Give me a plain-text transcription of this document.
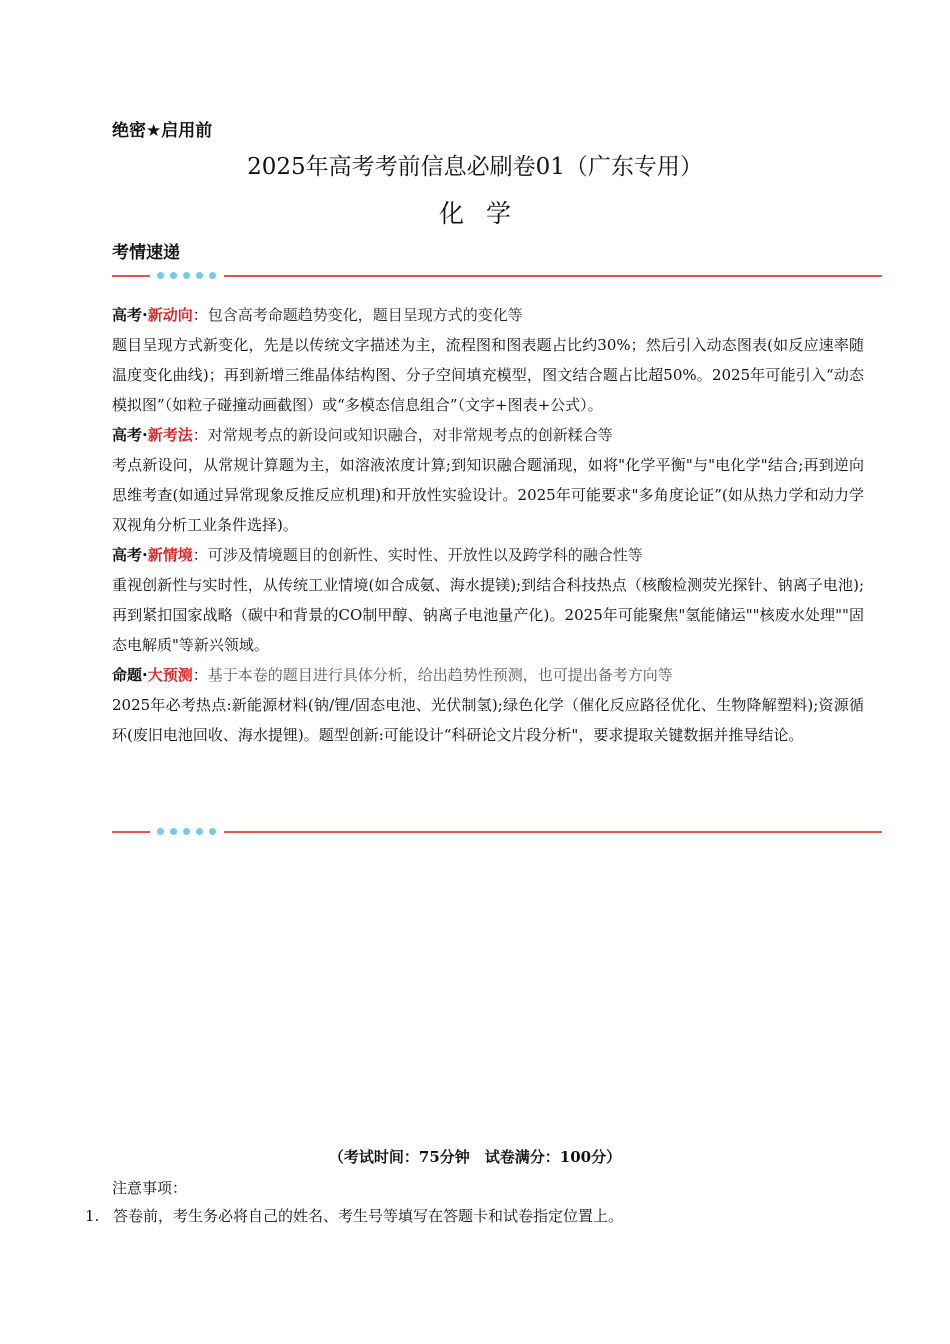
绝密★启用前
2025年高考考前信息必刷卷01（广东专用）
化学
考情速递

高考·新动向：包含高考命题趋势变化，题目呈现方式的变化等

题目呈现方式新变化，先是以传统文字描述为主，流程图和图表题占比约30%；然后引入动态图表(如反应速率随温度变化曲线)；再到新增三维晶体结构图、分子空间填充模型，图文结合题占比超50%。2025年可能引入“动态模拟图”（如粒子碰撞动画截图）或“多模态信息组合”（文字+图表+公式）。

高考·新考法：对常规考点的新设问或知识融合，对非常规考点的创新糅合等

考点新设问，从常规计算题为主，如溶液浓度计算;到知识融合题涌现，如将"化学平衡"与"电化学"结合;再到逆向思维考查(如通过异常现象反推反应机理)和开放性实验设计。2025年可能要求"多角度论证”(如从热力学和动力学双视角分析工业条件选择)。

高考·新情境：可涉及情境题目的创新性、实时性、开放性以及跨学科的融合性等

重视创新性与实时性，从传统工业情境(如合成氨、海水提镁);到结合科技热点（核酸检测荧光探针、钠离子电池);再到紧扣国家战略（碳中和背景的CO制甲醇、钠离子电池量产化)。2025年可能聚焦"氢能储运""核废水处理""固态电解质"等新兴领域。

命题·大预测：基于本卷的题目进行具体分析，给出趋势性预测，也可提出备考方向等

2025年必考热点:新能源材料(钠/锂/固态电池、光伏制氢);绿色化学（催化反应路径优化、生物降解塑料);资源循环(废旧电池回收、海水提锂)。题型创新:可能设计“科研论文片段分析"，要求提取关键数据并推导结论。

（考试时间：75分钟　试卷满分：100分）
注意事项：
1. 答卷前，考生务必将自己的姓名、考生号等填写在答题卡和试卷指定位置上。
